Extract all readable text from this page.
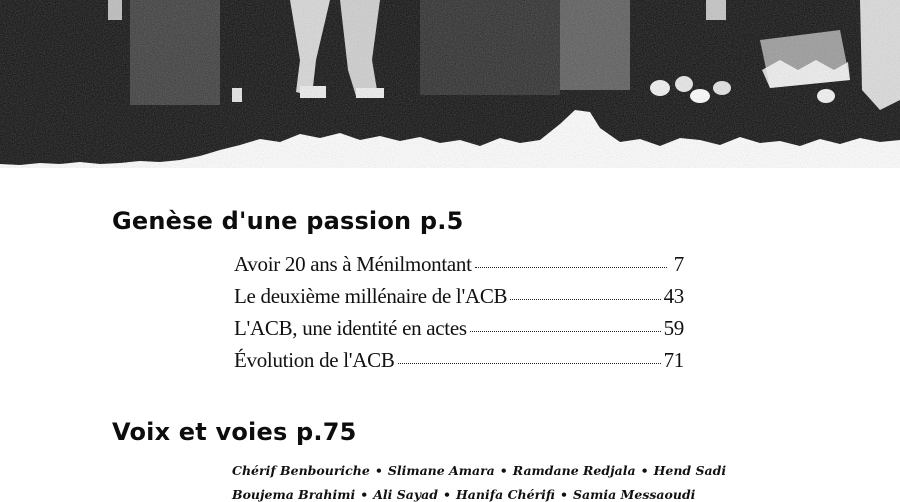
Genèse d'une passion p.5
Avoir 20 ans à Ménilmontant	7
Le deuxième millénaire de l'ACB	43
L'ACB, une identité en actes	59
Évolution de l'ACB	71
Voix et voies p.75

Chérif Benbouriche • Slimane Amara • Ramdane Redjala • Hend Sadi

Boujema Brahimi • Ali Sayad • Hanifa Chérifi • Samia Messaoudi
